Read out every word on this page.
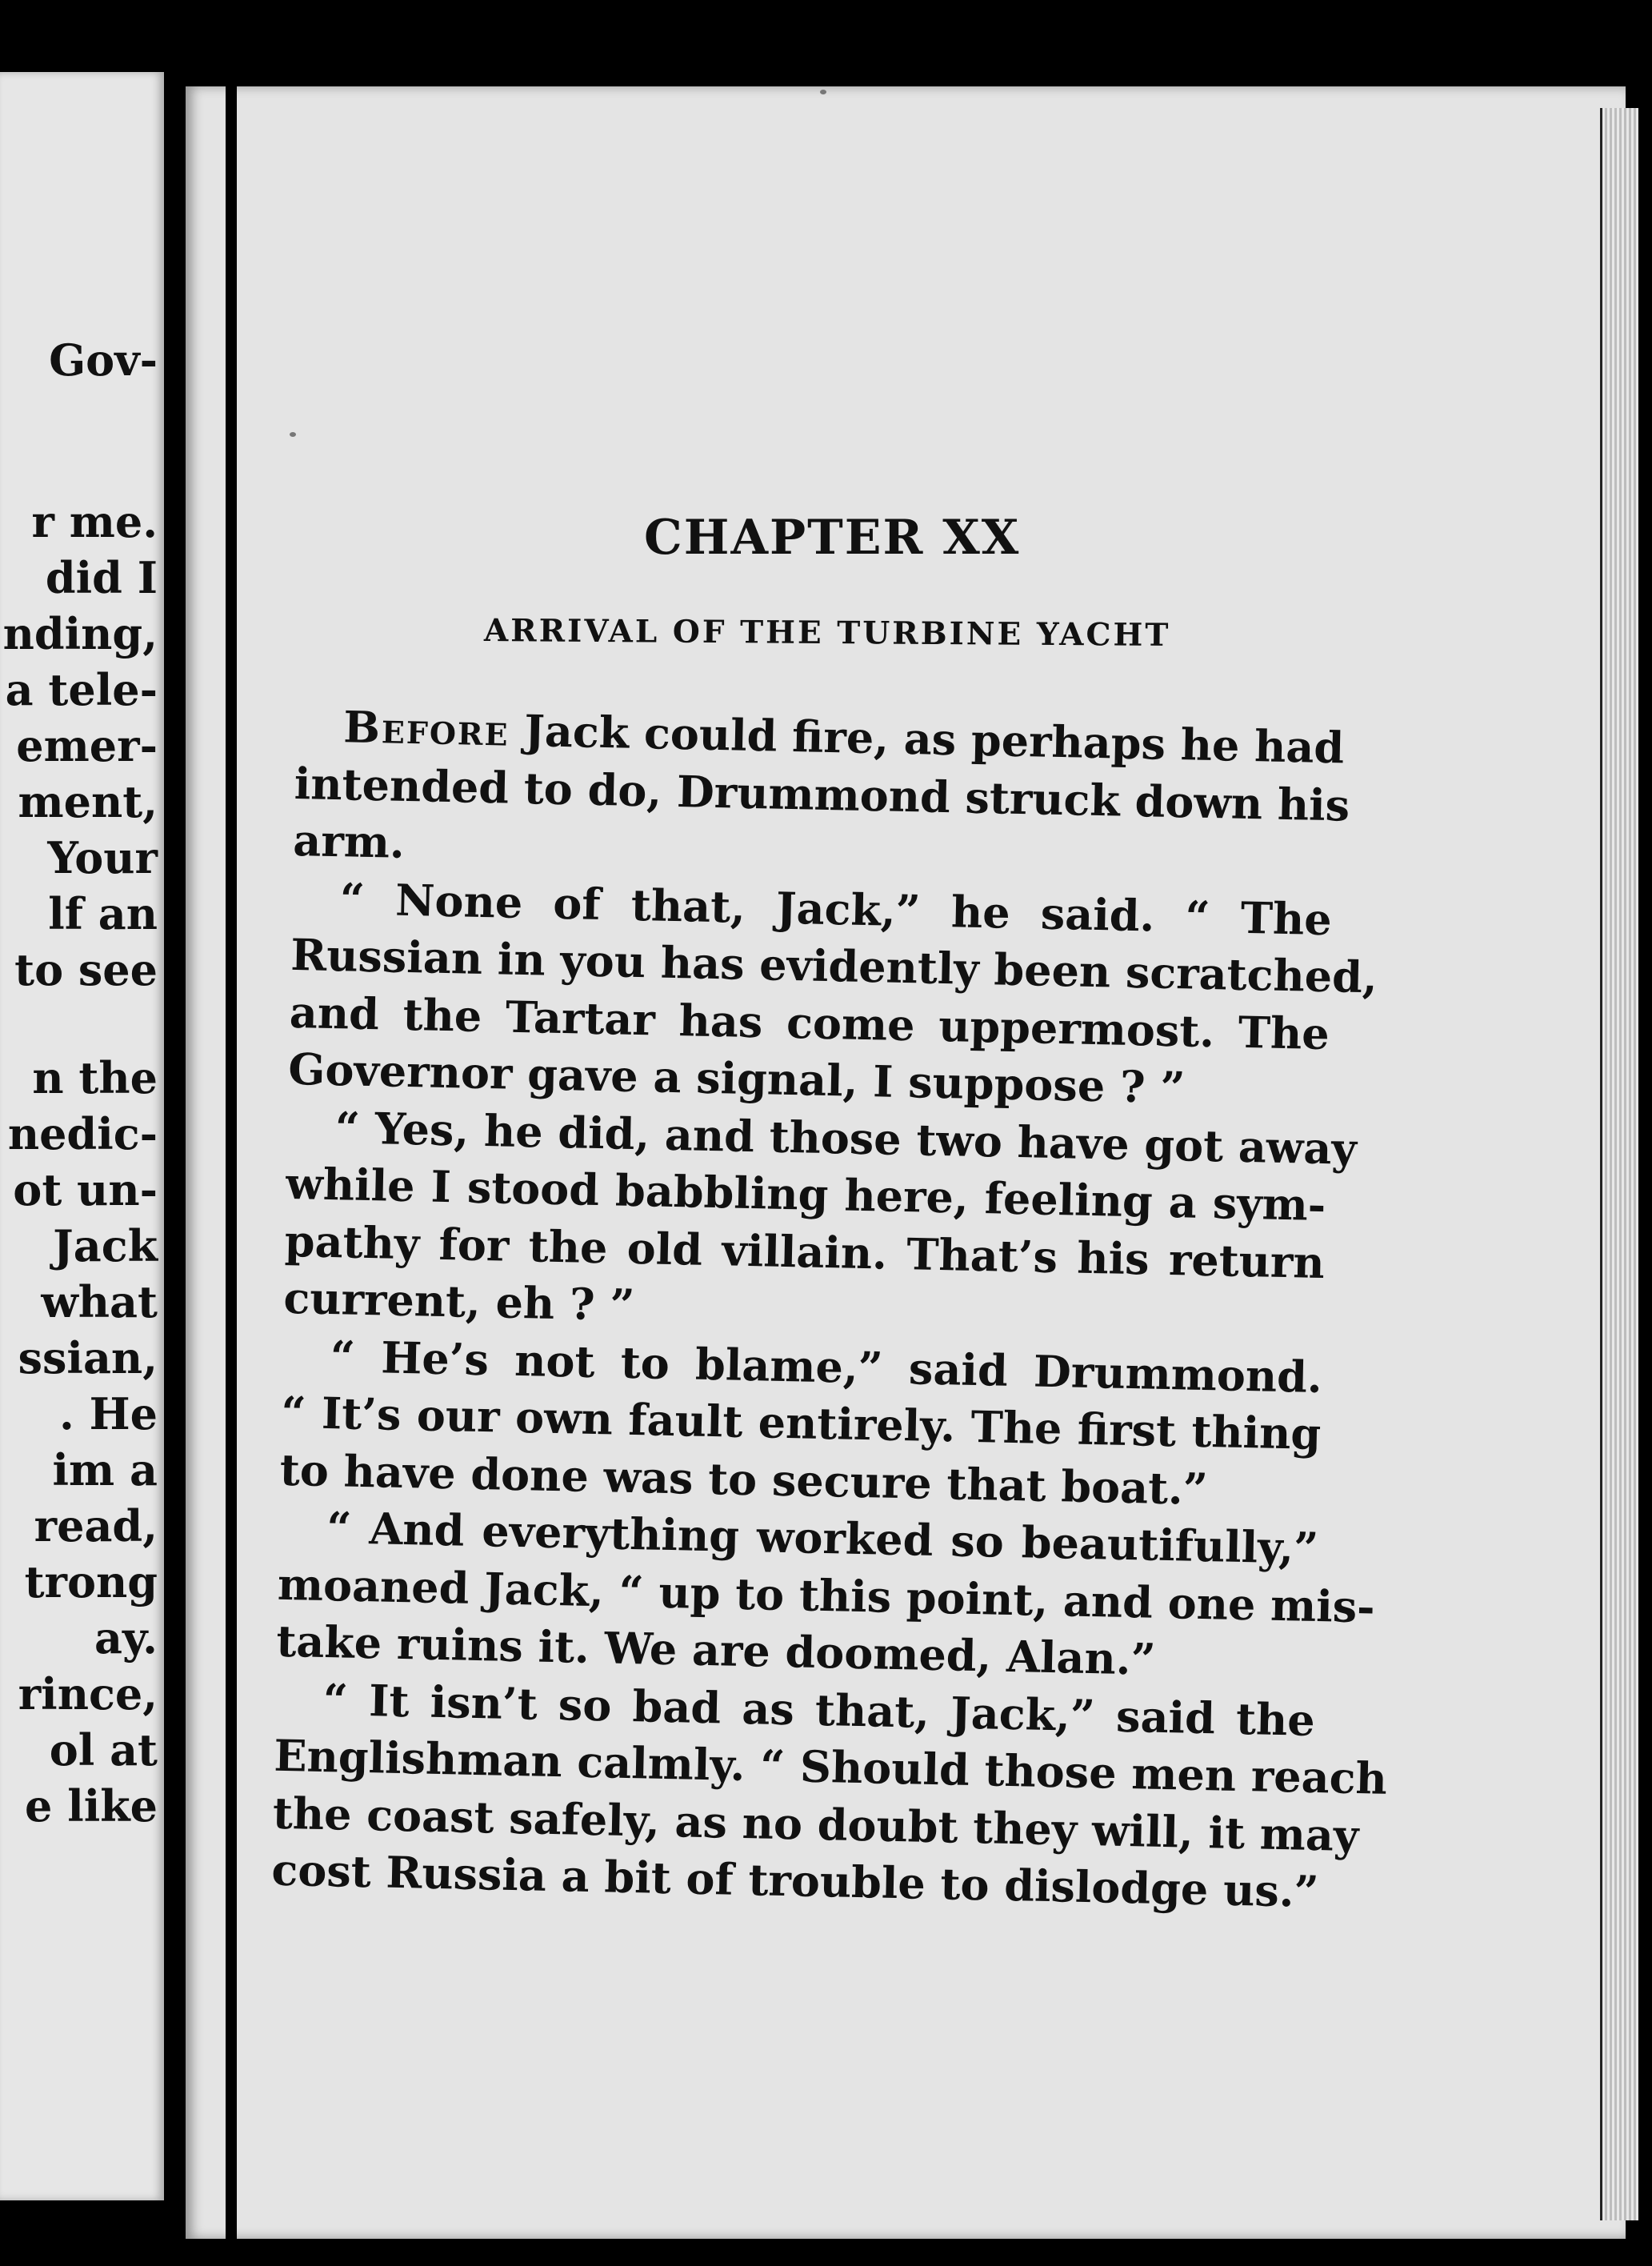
Gov-
r me.
did I
nding,
a tele-
emer-
ment,
Your
lf an
to see
n the
nedic-
ot un-
Jack
what
ssian,
. He
im a
read,
trong
ay.
rince,
ol at
e like
CHAPTER XX
ARRIVAL OF THE TURBINE YACHT
Before Jack could fire, as perhaps he had
intended to do, Drummond struck down his
arm.
“ None of that, Jack,” he said. “ The
Russian in you has evidently been scratched,
and the Tartar has come uppermost. The
Governor gave a signal, I suppose ? ”
“ Yes, he did, and those two have got away
while I stood babbling here, feeling a sym-
pathy for the old villain. That’s his return
current, eh ? ”
“ He’s not to blame,” said Drummond.
“ It’s our own fault entirely. The first thing
to have done was to secure that boat.”
“ And everything worked so beautifully,”
moaned Jack, “ up to this point, and one mis-
take ruins it. We are doomed, Alan.”
“ It isn’t so bad as that, Jack,” said the
Englishman calmly. “ Should those men reach
the coast safely, as no doubt they will, it may
cost Russia a bit of trouble to dislodge us.”
